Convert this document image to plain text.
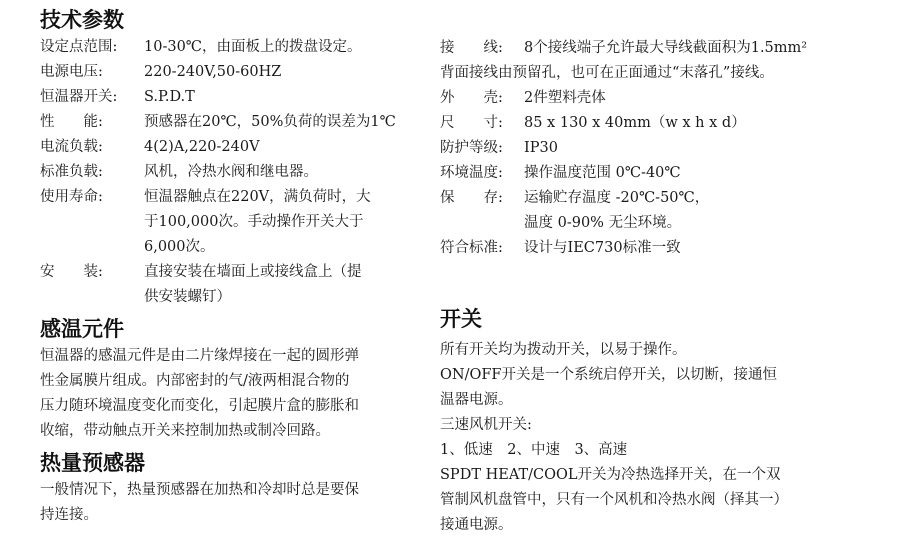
技术参数
设定点范围:	10-30℃，由面板上的拨盘设定。
电源电压:	220-240V,50-60HZ
恒温器开关:	S.P.D.T
性　　能:	预感器在20℃，50%负荷的误差为1℃
电流负载:	4(2)A,220-240V
标准负载:	风机，冷热水阀和继电器。
使用寿命:	恒温器触点在220V，满负荷时，大
于100,000次。手动操作开关大于
6,000次。
安　　装:	直接安装在墙面上或接线盒上（提
供安装螺钉）
感温元件
恒温器的感温元件是由二片缘焊接在一起的圆形弹
性金属膜片组成。内部密封的气/液两相混合物的
压力随环境温度变化而变化，引起膜片盒的膨胀和
收缩，带动触点开关来控制加热或制冷回路。
热量预感器
一般情况下，热量预感器在加热和冷却时总是要保
持连接。
接　　线:	8个接线端子允许最大导线截面积为1.5mm²
背面接线由预留孔，也可在正面通过“末落孔”接线。
外　　壳:	2件塑料壳体
尺　　寸:	85 x 130 x 40mm（w x h x d）
防护等级:	IP30
环境温度:	操作温度范围 0℃-40℃
保　　存:	运输贮存温度 -20℃-50℃，
温度 0-90% 无尘环境。
符合标准:	设计与IEC730标准一致
开关
所有开关均为拨动开关，以易于操作。
ON/OFF开关是一个系统启停开关，以切断，接通恒
温器电源。
三速风机开关:
1、低速　2、中速　3、高速
SPDT HEAT/COOL开关为冷热选择开关，在一个双
管制风机盘管中，只有一个风机和冷热水阀（择其一）
接通电源。
